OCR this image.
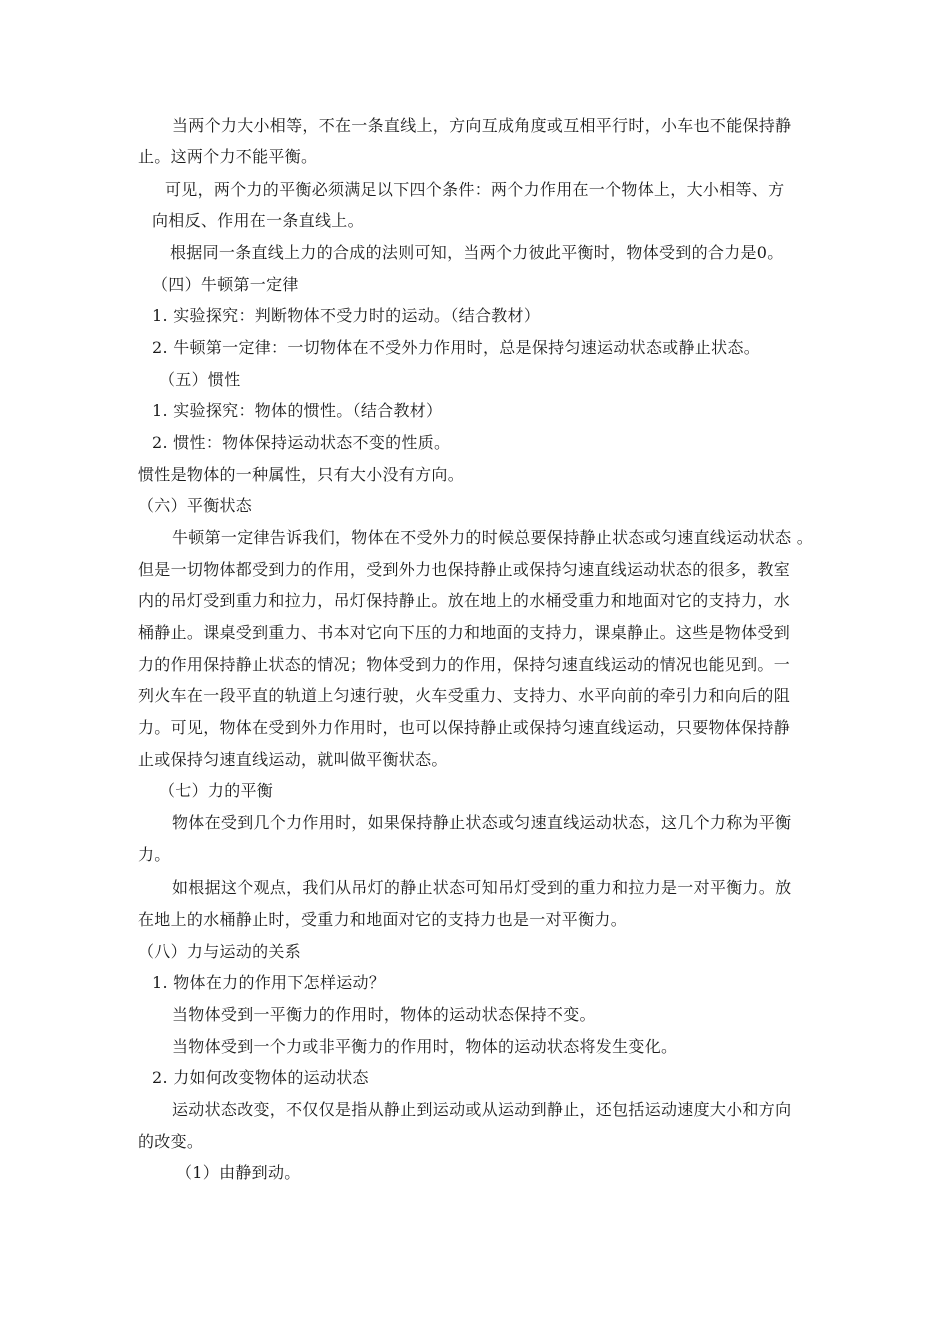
当两个力大小相等，不在一条直线上，方向互成角度或互相平行时，小车也不能保持静
止。这两个力不能平衡。
可见，两个力的平衡必须满足以下四个条件：两个力作用在一个物体上，大小相等、方
向相反、作用在一条直线上。
根据同一条直线上力的合成的法则可知，当两个力彼此平衡时，物体受到的合力是0。
（四）牛顿第一定律
1. 实验探究：判断物体不受力时的运动。（结合教材）
2. 牛顿第一定律：一切物体在不受外力作用时，总是保持匀速运动状态或静止状态。
（五）惯性
1. 实验探究：物体的惯性。（结合教材）
2. 惯性：物体保持运动状态不变的性质。
惯性是物体的一种属性，只有大小没有方向。
（六）平衡状态
牛顿第一定律告诉我们，物体在不受外力的时候总要保持静止状态或匀速直线运动状态 。
但是一切物体都受到力的作用，受到外力也保持静止或保持匀速直线运动状态的很多，教室
内的吊灯受到重力和拉力，吊灯保持静止。放在地上的水桶受重力和地面对它的支持力，水
桶静止。课桌受到重力、书本对它向下压的力和地面的支持力，课桌静止。这些是物体受到
力的作用保持静止状态的情况；物体受到力的作用，保持匀速直线运动的情况也能见到。一
列火车在一段平直的轨道上匀速行驶，火车受重力、支持力、水平向前的牵引力和向后的阻
力。可见，物体在受到外力作用时，也可以保持静止或保持匀速直线运动，只要物体保持静
止或保持匀速直线运动，就叫做平衡状态。
（七）力的平衡
物体在受到几个力作用时，如果保持静止状态或匀速直线运动状态，这几个力称为平衡
力。
如根据这个观点，我们从吊灯的静止状态可知吊灯受到的重力和拉力是一对平衡力。放
在地上的水桶静止时，受重力和地面对它的支持力也是一对平衡力。
（八）力与运动的关系
1. 物体在力的作用下怎样运动？
当物体受到一平衡力的作用时，物体的运动状态保持不变。
当物体受到一个力或非平衡力的作用时，物体的运动状态将发生变化。
2. 力如何改变物体的运动状态
运动状态改变，不仅仅是指从静止到运动或从运动到静止，还包括运动速度大小和方向
的改变。
（1）由静到动。
